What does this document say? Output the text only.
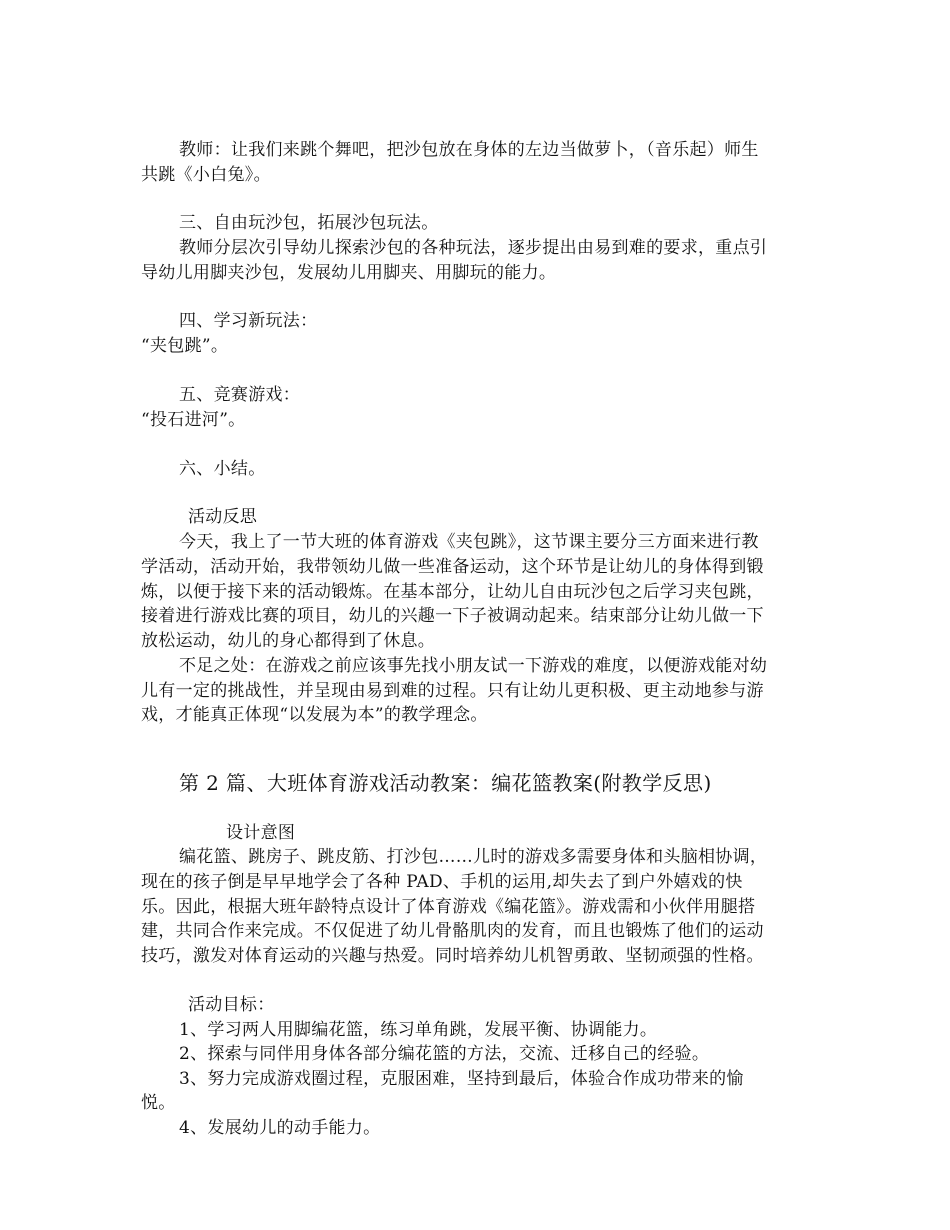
教师：让我们来跳个舞吧，把沙包放在身体的左边当做萝卜，（音乐起）师生
共跳《小白兔》。
三、自由玩沙包，拓展沙包玩法。
教师分层次引导幼儿探索沙包的各种玩法，逐步提出由易到难的要求，重点引
导幼儿用脚夹沙包，发展幼儿用脚夹、用脚玩的能力。
四、学习新玩法：
“夹包跳”。
五、竞赛游戏：
“投石进河”。
六、小结。
活动反思
今天，我上了一节大班的体育游戏《夹包跳》，这节课主要分三方面来进行教
学活动，活动开始，我带领幼儿做一些准备运动，这个环节是让幼儿的身体得到锻
炼，以便于接下来的活动锻炼。在基本部分，让幼儿自由玩沙包之后学习夹包跳，
接着进行游戏比赛的项目，幼儿的兴趣一下子被调动起来。结束部分让幼儿做一下
放松运动，幼儿的身心都得到了休息。
不足之处：在游戏之前应该事先找小朋友试一下游戏的难度，以便游戏能对幼
儿有一定的挑战性，并呈现由易到难的过程。只有让幼儿更积极、更主动地参与游
戏，才能真正体现“以发展为本”的教学理念。
第 2 篇、大班体育游戏活动教案：编花篮教案(附教学反思)
设计意图
编花篮、跳房子、跳皮筋、打沙包……儿时的游戏多需要身体和头脑相协调，
现在的孩子倒是早早地学会了各种 PAD、手机的运用,却失去了到户外嬉戏的快
乐。因此，根据大班年龄特点设计了体育游戏《编花篮》。游戏需和小伙伴用腿搭
建，共同合作来完成。不仅促进了幼儿骨骼肌肉的发育，而且也锻炼了他们的运动
技巧，激发对体育运动的兴趣与热爱。同时培养幼儿机智勇敢、坚韧顽强的性格。
活动目标：
1、学习两人用脚编花篮，练习单角跳，发展平衡、协调能力。
2、探索与同伴用身体各部分编花篮的方法，交流、迁移自己的经验。
3、努力完成游戏圈过程，克服困难，坚持到最后，体验合作成功带来的愉
悦。
4、发展幼儿的动手能力。
